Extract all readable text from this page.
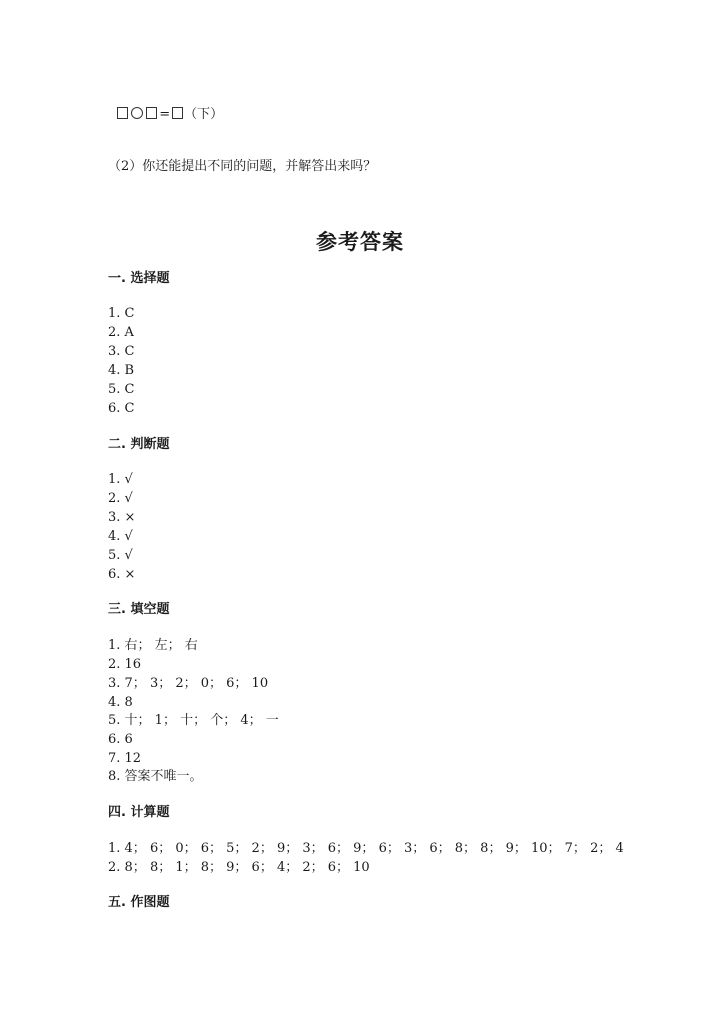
= （下）

（2）你还能提出不同的问题，并解答出来吗？
参考答案
一. 选择题
1. C
2. A
3. C
4. B
5. C
6. C
二. 判断题
1. √
2. √
3. ×
4. √
5. √
6. ×
三. 填空题
1. 右； 左； 右
2. 16
3. 7； 3； 2； 0； 6； 10
4. 8
5. 十； 1； 十； 个； 4； 一
6. 6
7. 12
8. 答案不唯一。
四. 计算题
1. 4； 6； 0； 6； 5； 2； 9； 3； 6； 9； 6； 3； 6； 8； 8； 9； 10； 7； 2； 4
2. 8； 8； 1； 8； 9； 6； 4； 2； 6； 10
五. 作图题
